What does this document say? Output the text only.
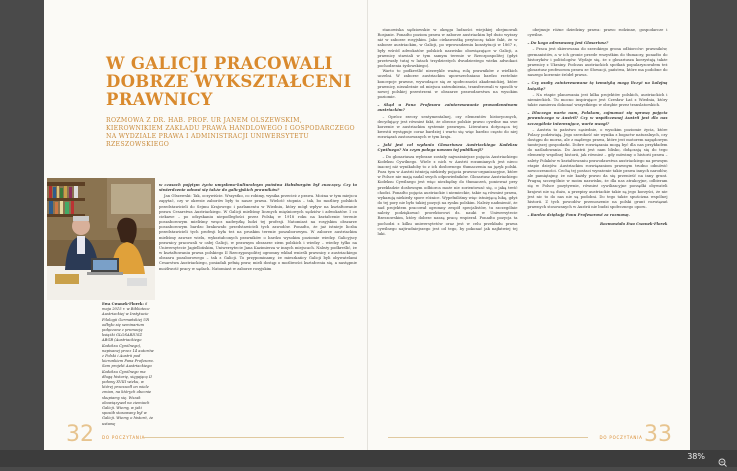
W GALICJI PRACOWALI DOBRZE WYKSZTAŁCENI PRAWNICY
ROZMOWA Z DR. HAB. PROF. UR JANEM OLSZEWSKIM, KIEROWNIKIEM ZAKŁADU PRAWA HANDLOWEGO I GOSPODARCZEGO NA WYDZIALE PRAWA I ADMINISTRACJI UNIWERSYTETU RZESZOWSKIEGO
Ewa Cwanek-Florek: 6 maja 2015 r. w Bibliotece Austriackiej w Instytucie Filologii Germańskiej UR odbyło się seminarium połączone z promocją książki GLOSARIUSZ ABGB (Austriackiego Kodeksu Cywilnego), napisanej przez 14 autorów z Polski i Austrii pod kierunkiem Pana Profesora. Sam projekt Austriackiego Kodeksu Cywilnego ma długą historię, sięgającą II połowy XVIII wieku, w której przeszedł on wiele zmian, na których obecnie skupiamy się. Wszak obowiązywał na ziemiach Galicji. Wiemy, w jaki sposób stosowany był w Galicji. Wiemy o historii, że ustawę

w czasach pojętym życiu umysłowo-kulturalnym państwa Habsburgów był znaczący. Czy to stwierdzenie odnosi się także do galicyjskich prawników?

Jan Olszewski: Tak, oczywiście. Wszystko, co robimy, wynika przecież z prawa. Można w tym miejscu zapytać, czy w okresie zaborów były to nasze prawa. Wielość stopnia – tak, bo możliwy polskich przedstawicieli do Sejmu Krajowego i parlamentu w Wiedniu, który mógł wpływ na kształtowanie prawa Cesarstwa Austriackiego. W Galicji mieliśmy licznych mięśniowych sędziów i adwokatów. I co ciekawe – po odzyskaniu niepodległości przez Polskę w 1918 roku na kształcenie terenie poszaborowym mieliśmy wręcz nadwyżkę ludzi tej profesji. Natomiast na rosyjskim obszarze poszaborowym bardzo brakowało przedstawicieli tych zawodów. Ponadto, że już istnieje liczba przedstawicieli tych profesji była też na pruskim terenie poszaborowym. W zaborze austriackim mieliśmy zawsze wielu, wykształconych prawników o bardzo wysokim poziomie wiedzy. Galicyjscy prawnicy pracowali w całej Galicji, w prawnym obszarze ziem polskich i wiedzy – wiedzy tylko na Uniwersytecie Jagiellońskim, Uniwersytecie Jana Kazimierza w innych miejscach. Należy podkreślić, że w kształtowaniu prawa polskiego II Rzeczypospolitej ogromny wkład wnieśli prawnicy z austriackiego obszaru pozaborowego – tak z Galicji. To przypominamy, że mieszkańcy Galicji byli obywatelami Cesarstwa Austriackiego, posiadali pełnię praw, mieli dostęp o możliwości kształcenia się, a następnie możliwość pracy w sądach. Natomiast w zaborze rosyjskim

32 DO POCZYTANIA

stanowiska sędziowskie w okręgu ludności wiejskiej obejmowali Rosjanie. Ponadto poziom prawa w zaborze austriackim był dużo wyższy niż w zaborze rosyjskim. Jako ciekawostkę przytoczę takie fakt, że w zaborze austriackim, w Galicji, po wprowadzeniu konstytucji w 1867 r., były wśród adwokatów polskich nazwisko obowiązujące w Galicji, a prawnicy stawiali w tym samym terenie w Rzeczpospolitej (gdyż przetrwały tutaj w latach trzydziestych dwudziestego wieku adwokaci pochodzenia żydowskiego).

Warto to podkreślić niezwykle ważną rolę prawników z wielkich uczelni. W zaborze austriackim upowszechniano bardzo rzetelnie koncepcje prawne, wywodzące się ze społeczności akademickiej, które prawnicy, niezależnie od miejsca zatrudnienia, transferowali w sposób w nowej polskiej przestrzeni w obszarze prawodawstwa na wysokim poziomie.

– Skąd u Pana Profesora zainteresowanie prawodawstwem austriackim?

– Oprócz rzeczy sentymentalnej, czy elementów historycznych, decydujący jest również fakt, że obecne polskie prawo cywilne ma swe korzenie w austriackim systemie prawnym. Literatura dotycząca tej kwestii występuje coraz bardziej i warto się więc bardzo często do niej rozwiązań zastosowanych w tym kraju.

– Jaki jest cel wydania Glosariusza Austriackiego Kodeksu Cywilnego? Na czym polega nowum tej publikacji?

– Do glosariusza wybrane zostały najważniejsze pojęcia Austriackiego Kodeksu Cywilnego. Wiele z nich w Austrii rozumianych jest nieco inaczej niż wynikałoby to z ich dosłownego tłumaczenia na język polski. Poza tym w Austrii istnieją niekiedy pojęcia prawno-organizacyjne, które w Polsce nie mają nadal swych odpowiedników. Glosariusz Austriackiego Kodeksu Cywilnego jest więc niezbędny do tłumaczeń, ponieważ przy przekładzie dosłownym odbiorca może nie zorientować się, o jaką treść chodzi. Ponadto pojęcia austriackie i niemieckie, takie są również prawa, wykazują niekiedy spore różnice. Wypełniliśmy więc istniejącą lukę, gdyż do tej pory nie było takiej pozycji na rynku polskim. Należy nadmienić, że nad projektem pracował ogromny zespół specjalistów, tu szczególnie należy podziękować prorektorowi ds. nauki w Uniwersytecie Rzeszowskim, który dobrze naszą pracę wspierał. Ponadto pozycja ta pochodzi z kilku uniwersytetów oraz jest w celu przekładu prawa cywilnego najtrudniejszego jest od tego, by pokonać jak najłatwiej tej luki.

obejmuje różne dziedziny prawa: prawo rodzinne, gospodarcze i cywilne.

– Do kogo adresowany jest Glosariusz?

– Praca jest skierowana do szerokiego grona odbiorców: prawników, germanistów, a w ich gronie przede wszystkim do tłumaczy, ponadto do historyków i politologów. Wydaje się, że z glosariusza korzystają także prawnicy z Ukrainy. Podczas austriackich spotkań popularyzowałem też glosariusz profesorom prawa ze Słowacji, państwa, które ma podobne do naszego korzenie źródeł prawa.

– Czy osoby zainteresowane tą tematyką mogą liczyć na kolejną książkę?

– Na etapie planowania jest kilka projektów polskich, austriackich i niemieckich. Tu mocno inspirujące jest Czesław Łaś z Wiednia, który także zamierza dokonać wszystkiego w obrębie przez translatorskich.

– Dlaczego warto nam, Polakom, zajmować się sprawą pojęcia prawniczego w Austrii? Czy w współczesnej Austrii jest dla nas szczególnie interesujące, warte uwagi?

– Austria to państwo sąsiednie, o wysokim poziomie życia, które Polacy podziwiają. Jego szerokość nie wynika z bogactw naturalnych, czy dostępu do morza, ale z mądrego prawa, które jest motorem napędowym tamtejszej gospodarki. Dobre rozwiązania mogą być dla nas przykładem do naśladowania. Do Austrii jest nam blisko, dołączają się do tego elementy wspólnej historii, jak również – gdy mówimy o historii prawa – zalety Polaków w kształtowaniu prawodawstwa austriackiego na pewnym etapie dziejów. Austriackim rozwiązaniom prawnym trudno odmówić nowoczesności. Cechą tej postaci wyrażenie takie prawa innych narodów, ale pamiętajmy, że nie każdy prawo da się przenieść na inny grunt. Pragnę szczególnie w moim nazwisku, że dla nas atrakcyjne, odbieram się w Polsce pozytywnie, również cywilizacyjne porządki obywateli krajowi nie są dużo, a przepisy austriackie takie są jego korzyści, że nie jest nic to do nas nie są podobni. Do tego także spuścizna wspólnej historii. Z tych powodów przenoszenie na polski grunt rozwiązań prawnych stosowanych w Austrii nie budzi społecznego oporu.

– Bardzo dziękuję Panu Profesorowi za rozmowę.

Rozmawiała Ewa Cwanek-Florek

DO POCZYTANIA 33
38%
